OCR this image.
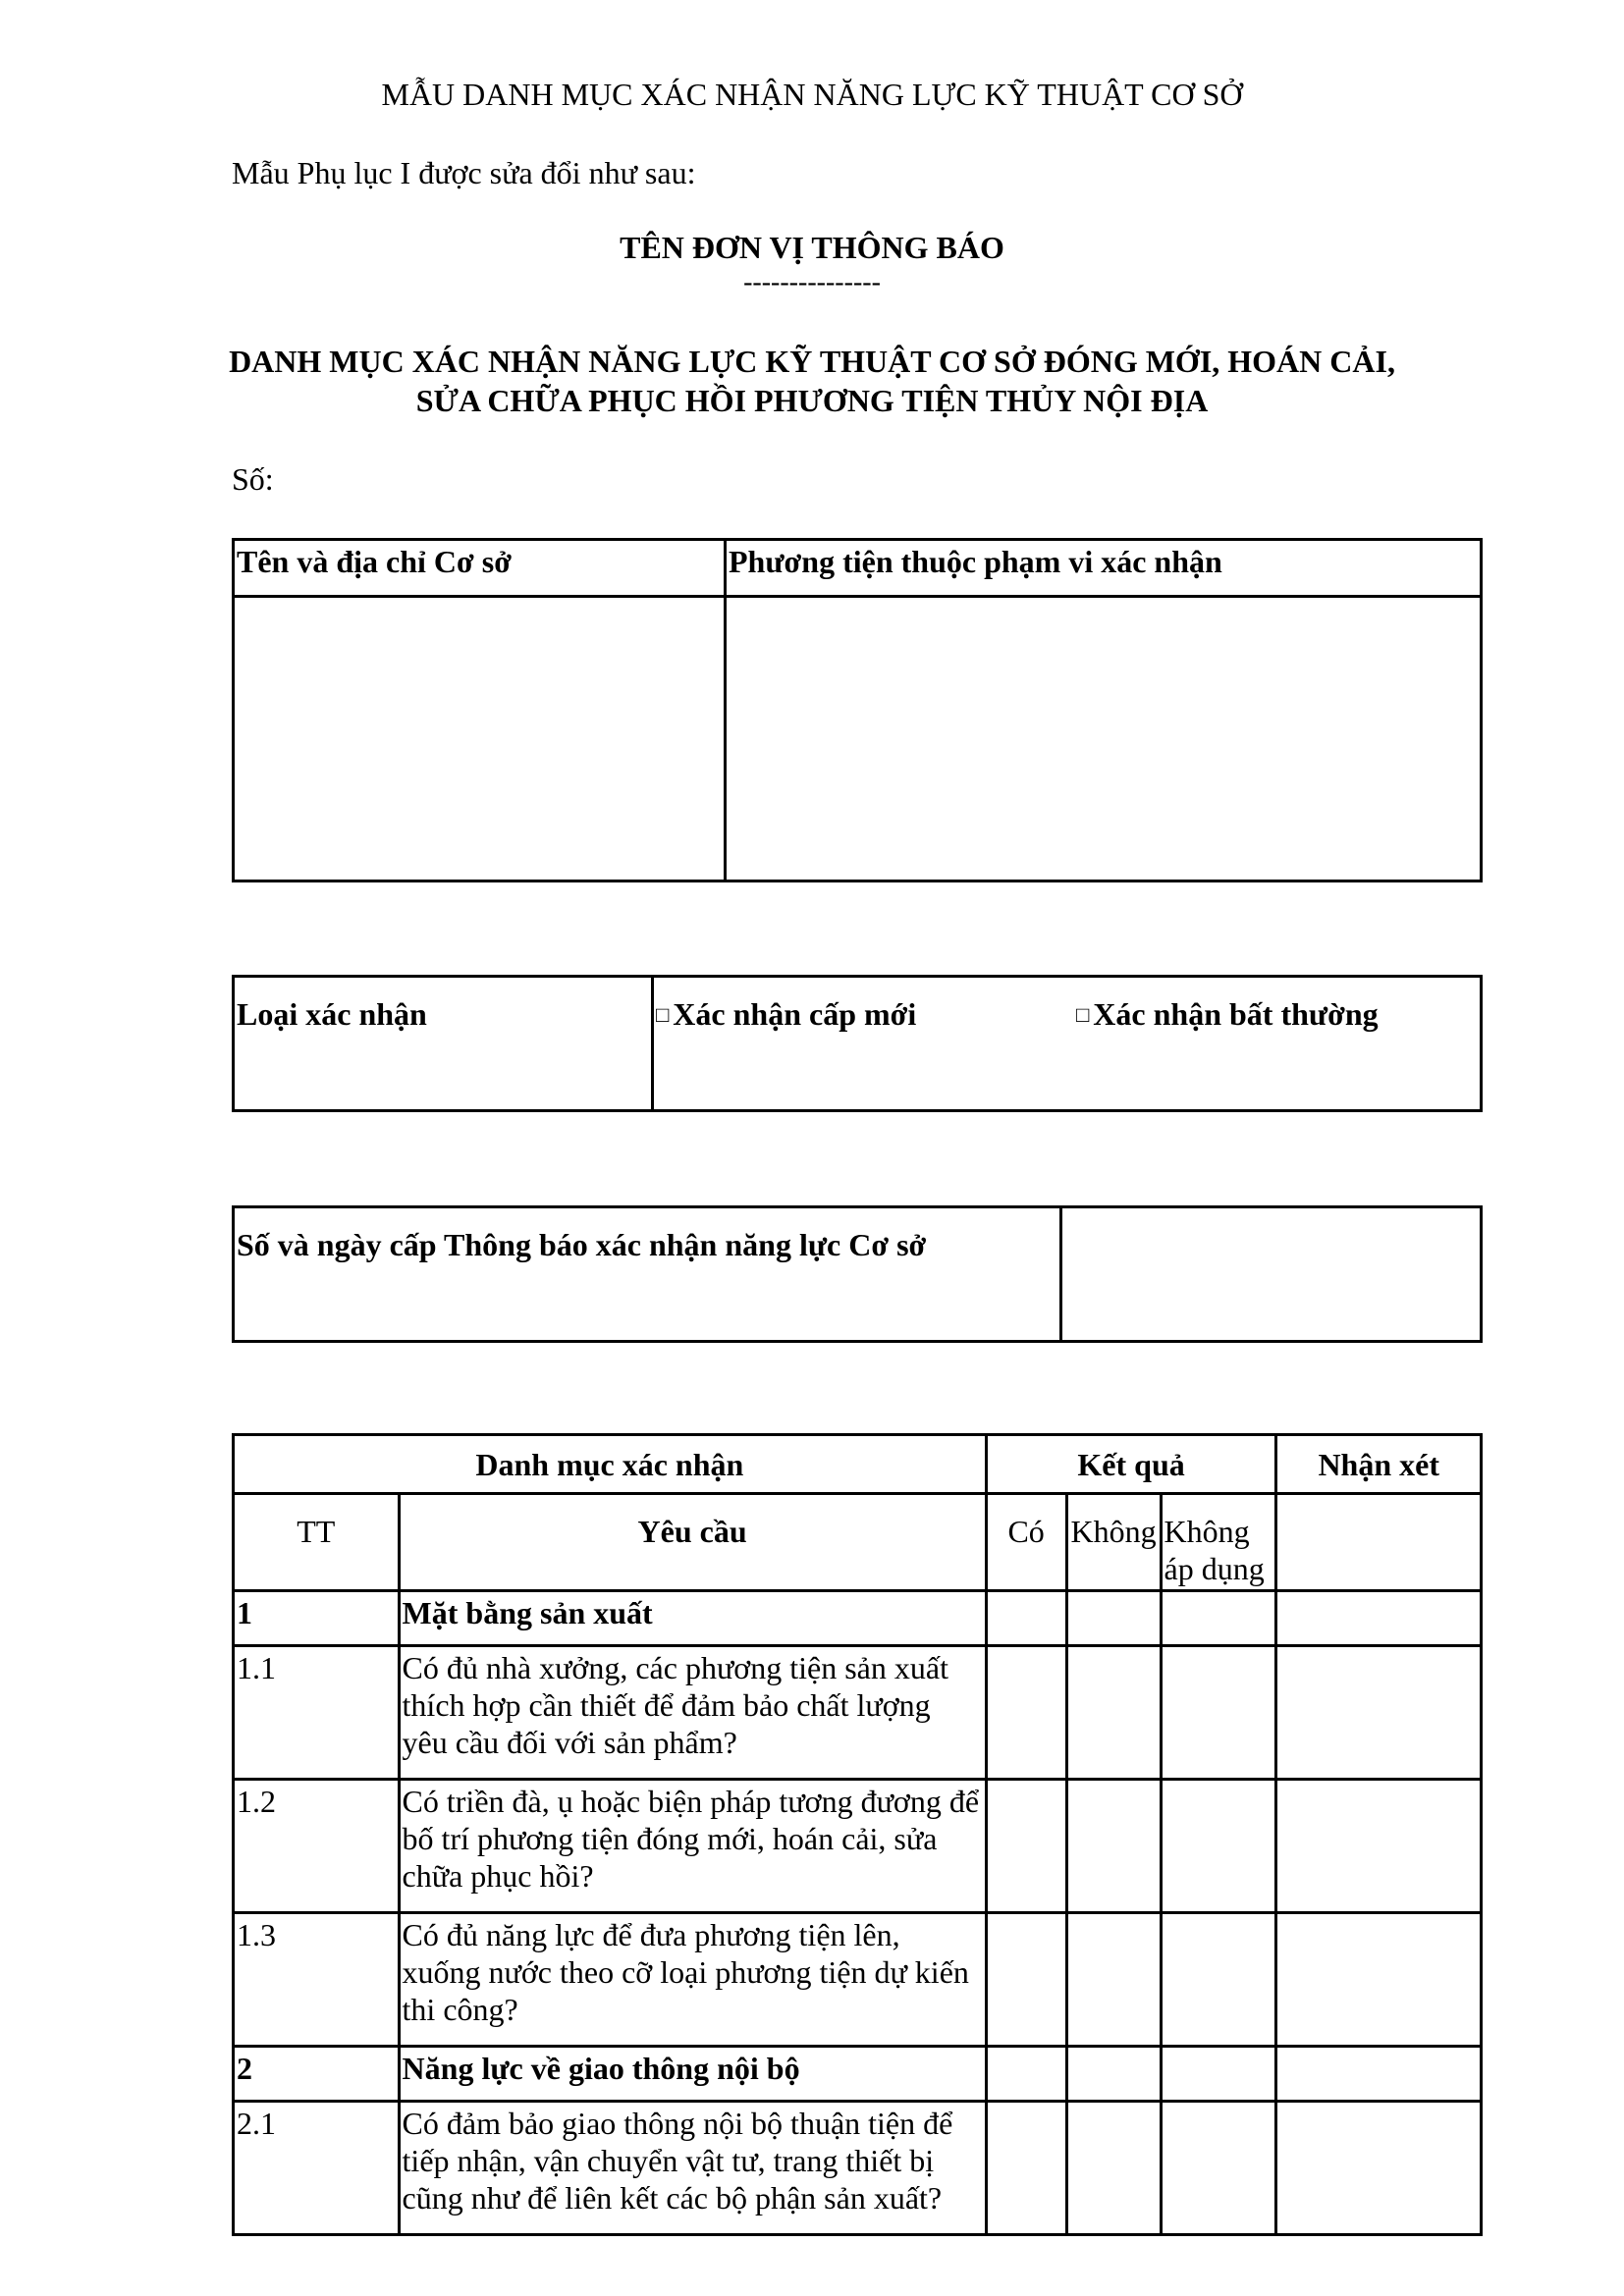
MẪU DANH MỤC XÁC NHẬN NĂNG LỰC KỸ THUẬT CƠ SỞ
Mẫu Phụ lục I được sửa đổi như sau:
TÊN ĐƠN VỊ THÔNG BÁO
---------------
DANH MỤC XÁC NHẬN NĂNG LỰC KỸ THUẬT CƠ SỞ ĐÓNG MỚI, HOÁN CẢI,
SỬA CHỮA PHỤC HỒI PHƯƠNG TIỆN THỦY NỘI ĐỊA
Số:
Tên và địa chỉ Cơ sở	Phương tiện thuộc phạm vi xác nhận

Loại xác nhận	□ Xác nhận cấp mới	□ Xác nhận bất thường
Số và ngày cấp Thông báo xác nhận năng lực Cơ sở	
Danh mục xác nhận		Kết quả			Nhận xét
TT	Yêu cầu	Có	Không	Không áp dụng	
1	Mặt bằng sản xuất				
1.1	Có đủ nhà xưởng, các phương tiện sản xuất thích hợp cần thiết để đảm bảo chất lượng yêu cầu đối với sản phẩm?				
1.2	Có triền đà, ụ hoặc biện pháp tương đương để bố trí phương tiện đóng mới, hoán cải, sửa chữa phục hồi?				
1.3	Có đủ năng lực để đưa phương tiện lên, xuống nước theo cỡ loại phương tiện dự kiến thi công?				
2	Năng lực về giao thông nội bộ				
2.1	Có đảm bảo giao thông nội bộ thuận tiện để tiếp nhận, vận chuyển vật tư, trang thiết bị cũng như để liên kết các bộ phận sản xuất?				
